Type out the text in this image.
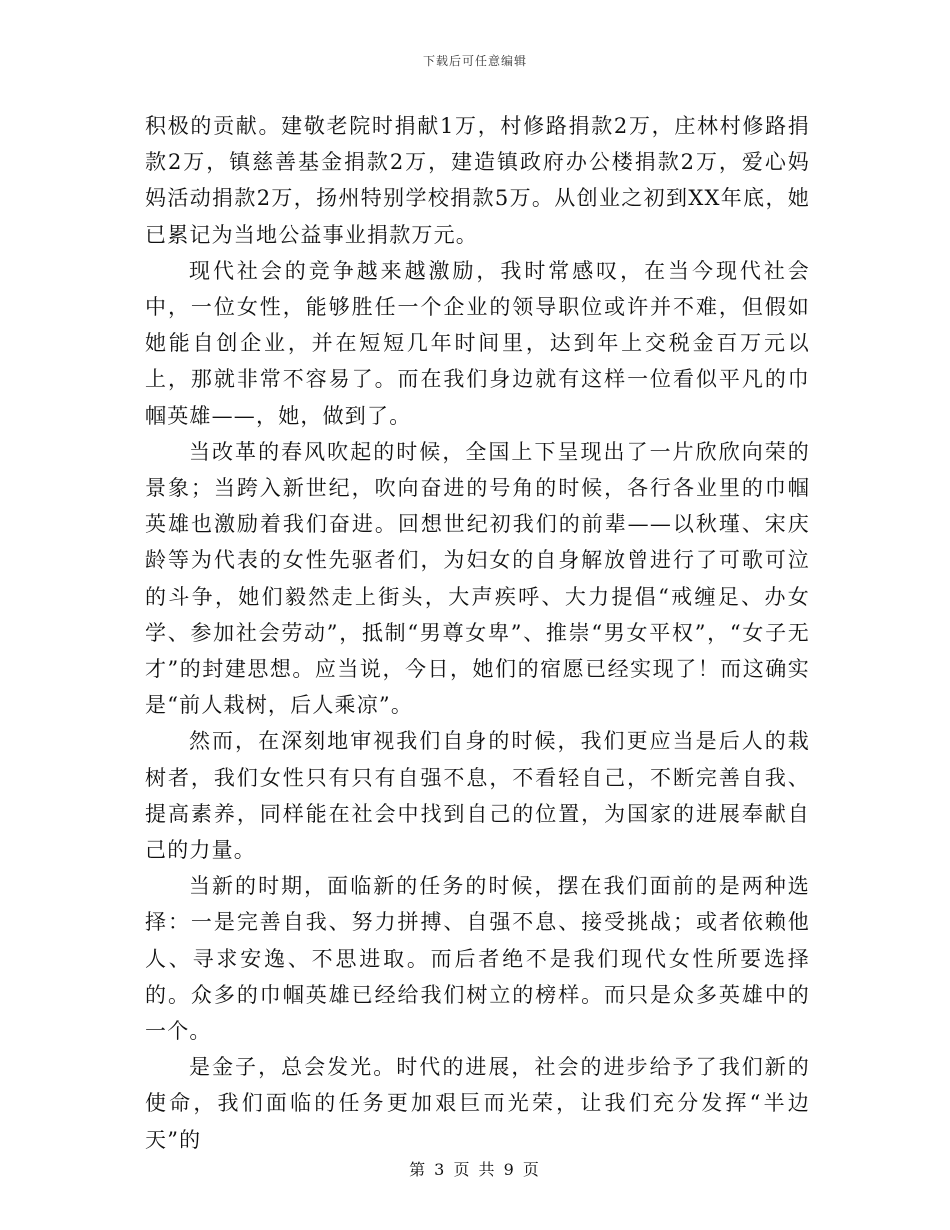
下载后可任意编辑

积极的贡献。建敬老院时捐献1万，村修路捐款2万，庄林村修路捐款2万，镇慈善基金捐款2万，建造镇政府办公楼捐款2万，爱心妈妈活动捐款2万，扬州特别学校捐款5万。从创业之初到XX年底，她已累记为当地公益事业捐款万元。

现代社会的竞争越来越激励，我时常感叹，在当今现代社会中，一位女性，能够胜任一个企业的领导职位或许并不难，但假如她能自创企业，并在短短几年时间里，达到年上交税金百万元以上，那就非常不容易了。而在我们身边就有这样一位看似平凡的巾帼英雄——，她，做到了。

当改革的春风吹起的时候，全国上下呈现出了一片欣欣向荣的景象；当跨入新世纪，吹向奋进的号角的时候，各行各业里的巾帼英雄也激励着我们奋进。回想世纪初我们的前辈——以秋瑾、宋庆龄等为代表的女性先驱者们，为妇女的自身解放曾进行了可歌可泣的斗争，她们毅然走上街头，大声疾呼、大力提倡“戒缠足、办女学、参加社会劳动”，抵制“男尊女卑”、推崇“男女平权”，“女子无才”的封建思想。应当说，今日，她们的宿愿已经实现了！而这确实是“前人栽树，后人乘凉”。

然而，在深刻地审视我们自身的时候，我们更应当是后人的栽树者，我们女性只有只有自强不息，不看轻自己，不断完善自我、提高素养，同样能在社会中找到自己的位置，为国家的进展奉献自己的力量。

当新的时期，面临新的任务的时候，摆在我们面前的是两种选择：一是完善自我、努力拼搏、自强不息、接受挑战；或者依赖他人、寻求安逸、不思进取。而后者绝不是我们现代女性所要选择的。众多的巾帼英雄已经给我们树立的榜样。而只是众多英雄中的一个。

是金子，总会发光。时代的进展，社会的进步给予了我们新的使命，我们面临的任务更加艰巨而光荣，让我们充分发挥“半边天”的

第 3 页 共 9 页
